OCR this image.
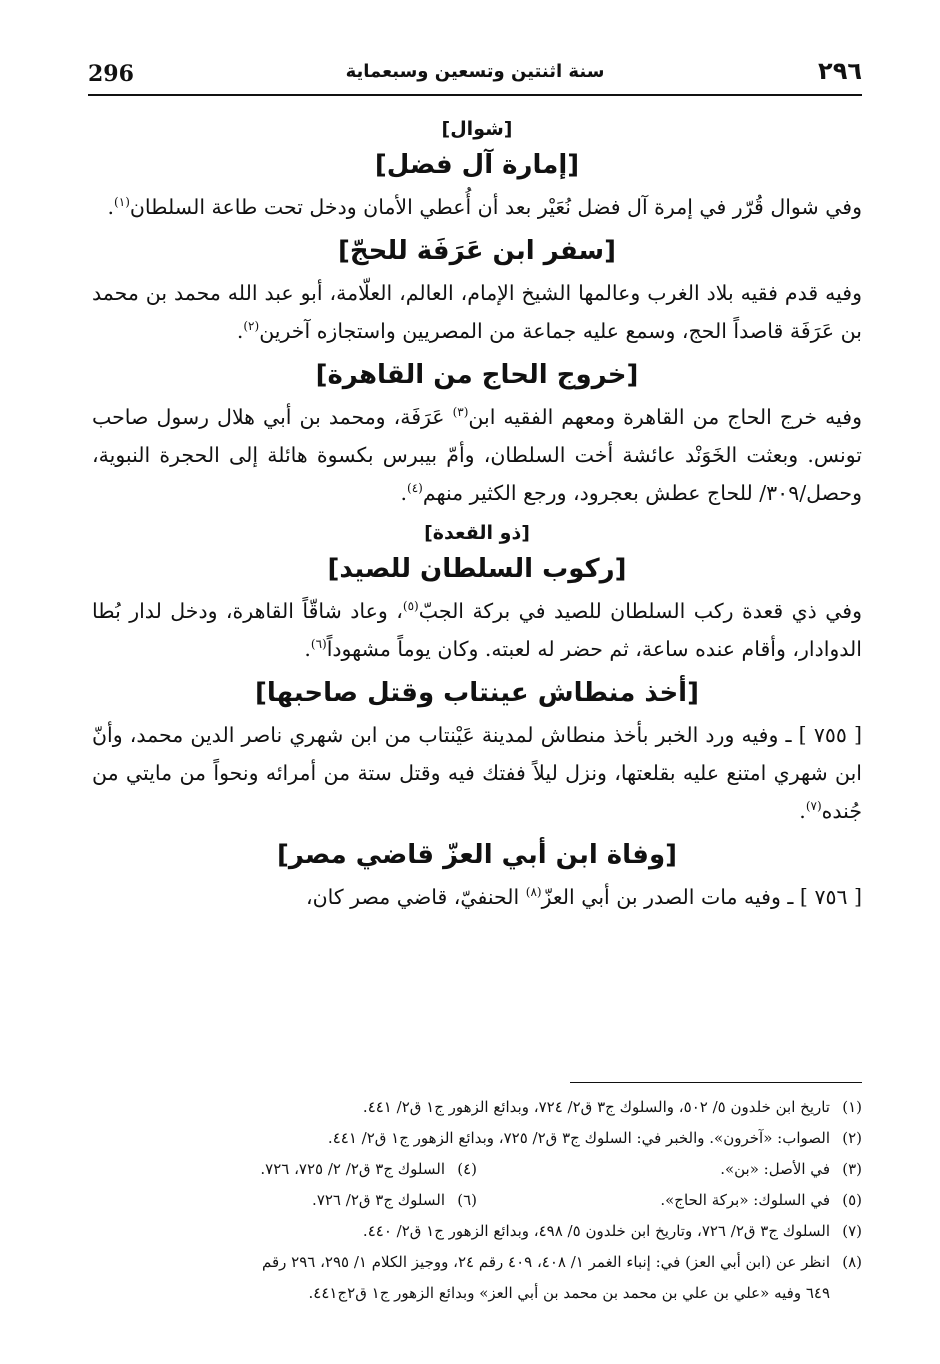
296	سنة اثنتين وتسعين وسبعماية	٢٩٦
[شوال]
[إمارة آل فضل]

وفي شوال قُرّر في إمرة آل فضل نُعَيْر بعد أن أُعطي الأمان ودخل تحت طاعة السلطان$^{(١)}$.

[سفر ابن عَرَفَة للحجّ]

وفيه قدم فقيه بلاد الغرب وعالمها الشيخ الإمام، العالم، العلّامة، أبو عبد الله محمد بن محمد بن عَرَفَة قاصداً الحج، وسمع عليه جماعة من المصريين واستجازه آخرين$^{(٢)}$.

[خروج الحاج من القاهرة]

وفيه خرج الحاج من القاهرة ومعهم الفقيه ابن$^{(٣)}$ عَرَفَة، ومحمد بن أبي هلال رسول صاحب تونس. وبعثت الخَوَنْد عائشة أخت السلطان، وأمّ بيبرس بكسوة هائلة إلى الحجرة النبوية، وحصل/٣٠٩/ للحاج عطش بعجرود، ورجع الكثير منهم$^{(٤)}$.

[ذو القعدة]
[ركوب السلطان للصيد]

وفي ذي قعدة ركب السلطان للصيد في بركة الجبّ$^{(٥)}$، وعاد شاقّاً القاهرة، ودخل لدار بُطا الدوادار، وأقام عنده ساعة، ثم حضر له لعبته. وكان يوماً مشهوداً$^{(٦)}$.

[أخذ منطاش عينتاب وقتل صاحبها]

[ ٧٥٥ ] ـ وفيه ورد الخبر بأخذ منطاش لمدينة عَيْنتاب من ابن شهري ناصر الدين محمد، وأنّ ابن شهري امتنع عليه بقلعتها، ونزل ليلاً ففتك فيه وقتل ستة من أمرائه ونحواً من مايتي من جُنده$^{(٧)}$.

[وفاة ابن أبي العزّ قاضي مصر]

[ ٧٥٦ ] ـ وفيه مات الصدر بن أبي العزّ$^{(٨)}$ الحنفيّ، قاضي مصر كان،

(١)تاريخ ابن خلدون ٥/ ٥٠٢، والسلوك ج٣ ق٢/ ٧٢٤، وبدائع الزهور ج١ ق٢/ ٤٤١.
(٢)الصواب: «آخرون». والخبر في: السلوك ج٣ ق٢/ ٧٢٥، وبدائع الزهور ج١ ق٢/ ٤٤١.
(٣)في الأصل: «بن».
(٤)السلوك ج٣ ق٢/ ٢/ ٧٢٥، ٧٢٦.
(٥)في السلوك: «بركة الحاج».
(٦)السلوك ج٣ ق٢/ ٧٢٦.
(٧)السلوك ج٣ ق٢/ ٧٢٦، وتاريخ ابن خلدون ٥/ ٤٩٨، وبدائع الزهور ج١ ق٢/ ٤٤٠.
(٨)انظر عن (ابن أبي العز) في: إنباء الغمر ١/ ٤٠٨، ٤٠٩ رقم ٢٤، ووجيز الكلام ١/ ٢٩٥، ٢٩٦ رقم
٦٤٩ وفيه «علي بن علي بن محمد بن محمد بن أبي العز» وبدائع الزهور ج١ ق٢ج٤٤١.
